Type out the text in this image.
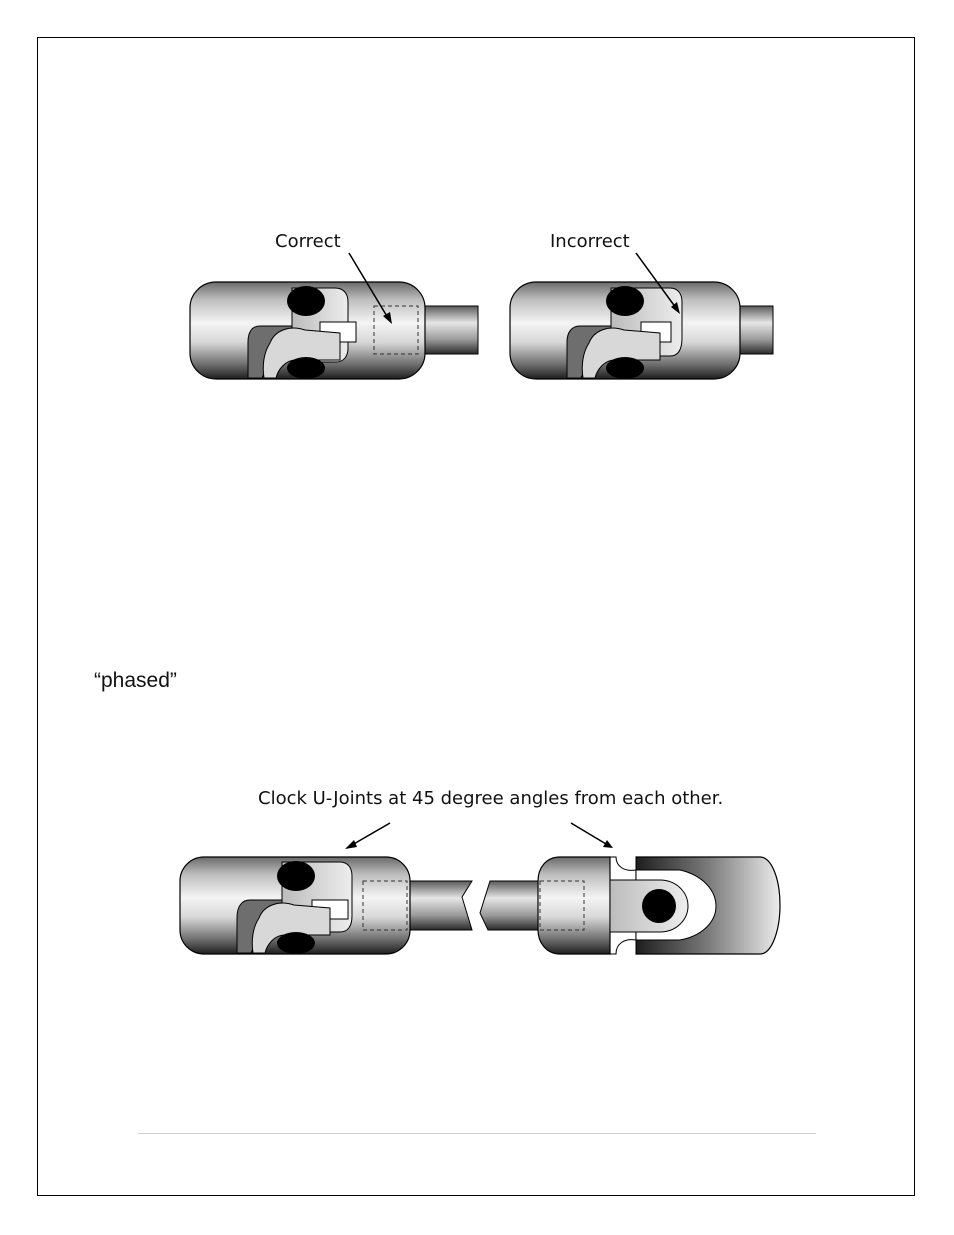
Correct	Incorrect
“phased”
Clock U-Joints at 45 degree angles from each other.
